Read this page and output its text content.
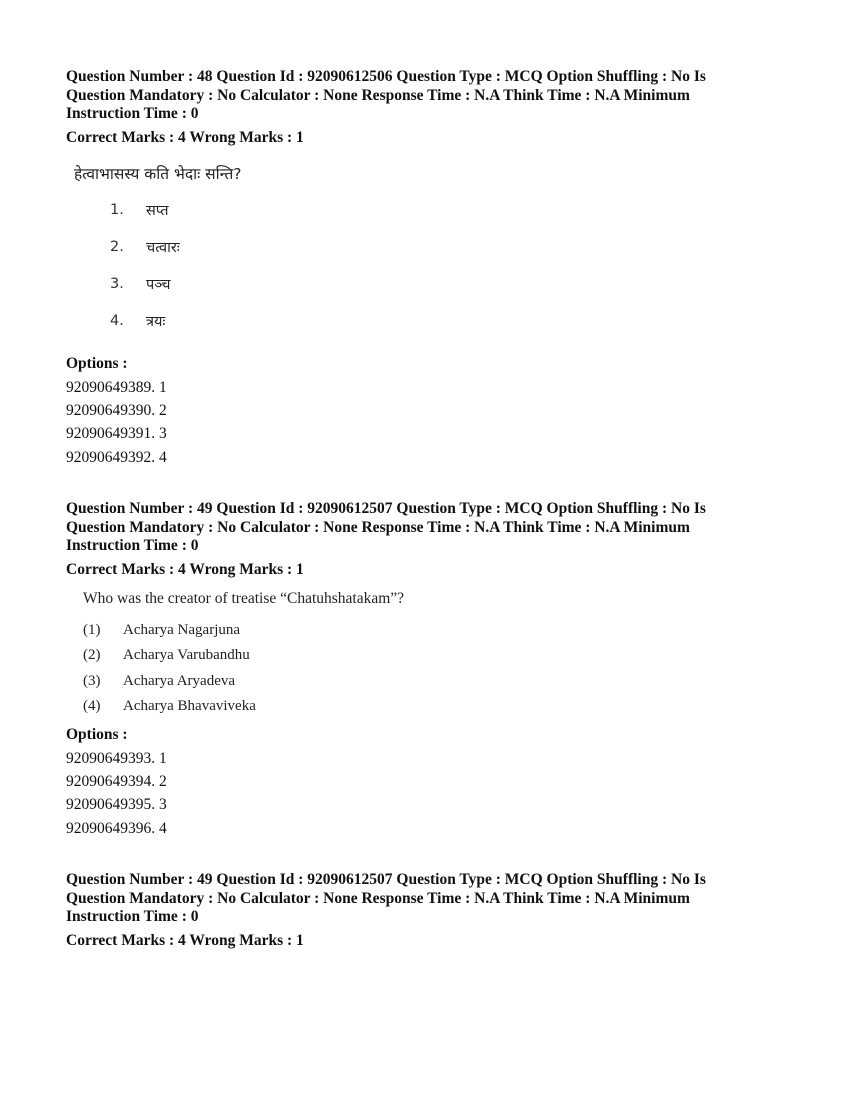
Question Number : 48 Question Id : 92090612506 Question Type : MCQ Option Shuffling : No Is
Question Mandatory : No Calculator : None Response Time : N.A Think Time : N.A Minimum
Instruction Time : 0
Correct Marks : 4 Wrong Marks : 1
हेत्वाभासस्य कति भेदाः सन्ति?
1.	सप्त
2.	चत्वारः
3.	पञ्च
4.	त्रयः
Options :
92090649389. 1
92090649390. 2
92090649391. 3
92090649392. 4
Question Number : 49 Question Id : 92090612507 Question Type : MCQ Option Shuffling : No Is
Question Mandatory : No Calculator : None Response Time : N.A Think Time : N.A Minimum
Instruction Time : 0
Correct Marks : 4 Wrong Marks : 1
Who was the creator of treatise “Chatuhshatakam”?
(1)	Acharya Nagarjuna
(2)	Acharya Varubandhu
(3)	Acharya Aryadeva
(4)	Acharya Bhavaviveka
Options :
92090649393. 1
92090649394. 2
92090649395. 3
92090649396. 4
Question Number : 49 Question Id : 92090612507 Question Type : MCQ Option Shuffling : No Is
Question Mandatory : No Calculator : None Response Time : N.A Think Time : N.A Minimum
Instruction Time : 0
Correct Marks : 4 Wrong Marks : 1
